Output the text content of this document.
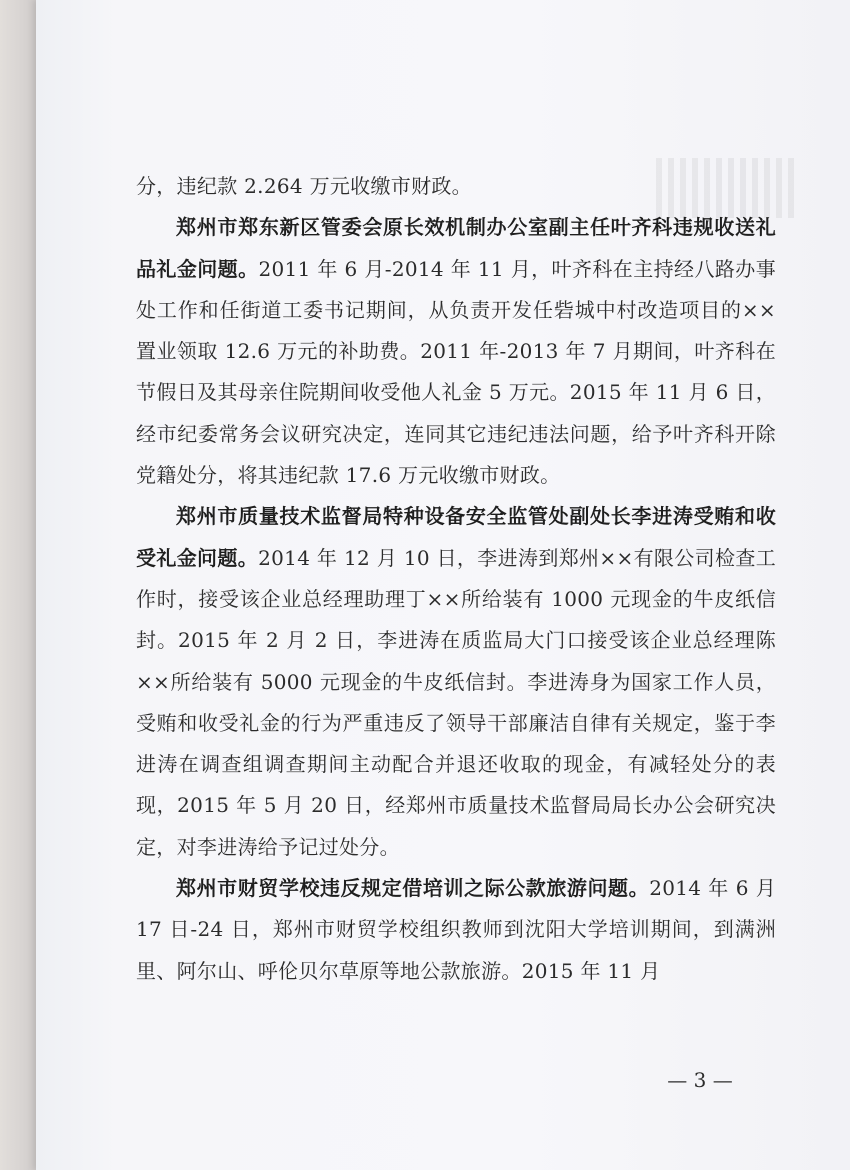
分，违纪款 2.264 万元收缴市财政。

郑州市郑东新区管委会原长效机制办公室副主任叶齐科违规收送礼品礼金问题。2011 年 6 月-2014 年 11 月，叶齐科在主持经八路办事处工作和任街道工委书记期间，从负责开发任砦城中村改造项目的××置业领取 12.6 万元的补助费。2011 年-2013 年 7 月期间，叶齐科在节假日及其母亲住院期间收受他人礼金 5 万元。2015 年 11 月 6 日，经市纪委常务会议研究决定，连同其它违纪违法问题，给予叶齐科开除党籍处分，将其违纪款 17.6 万元收缴市财政。

郑州市质量技术监督局特种设备安全监管处副处长李进涛受贿和收受礼金问题。2014 年 12 月 10 日，李进涛到郑州××有限公司检查工作时，接受该企业总经理助理丁××所给装有 1000 元现金的牛皮纸信封。2015 年 2 月 2 日，李进涛在质监局大门口接受该企业总经理陈××所给装有 5000 元现金的牛皮纸信封。李进涛身为国家工作人员，受贿和收受礼金的行为严重违反了领导干部廉洁自律有关规定，鉴于李进涛在调查组调查期间主动配合并退还收取的现金，有减轻处分的表现，2015 年 5 月 20 日，经郑州市质量技术监督局局长办公会研究决定，对李进涛给予记过处分。

郑州市财贸学校违反规定借培训之际公款旅游问题。2014 年 6 月 17 日-24 日，郑州市财贸学校组织教师到沈阳大学培训期间，到满洲里、阿尔山、呼伦贝尔草原等地公款旅游。2015 年 11 月

— 3 —
